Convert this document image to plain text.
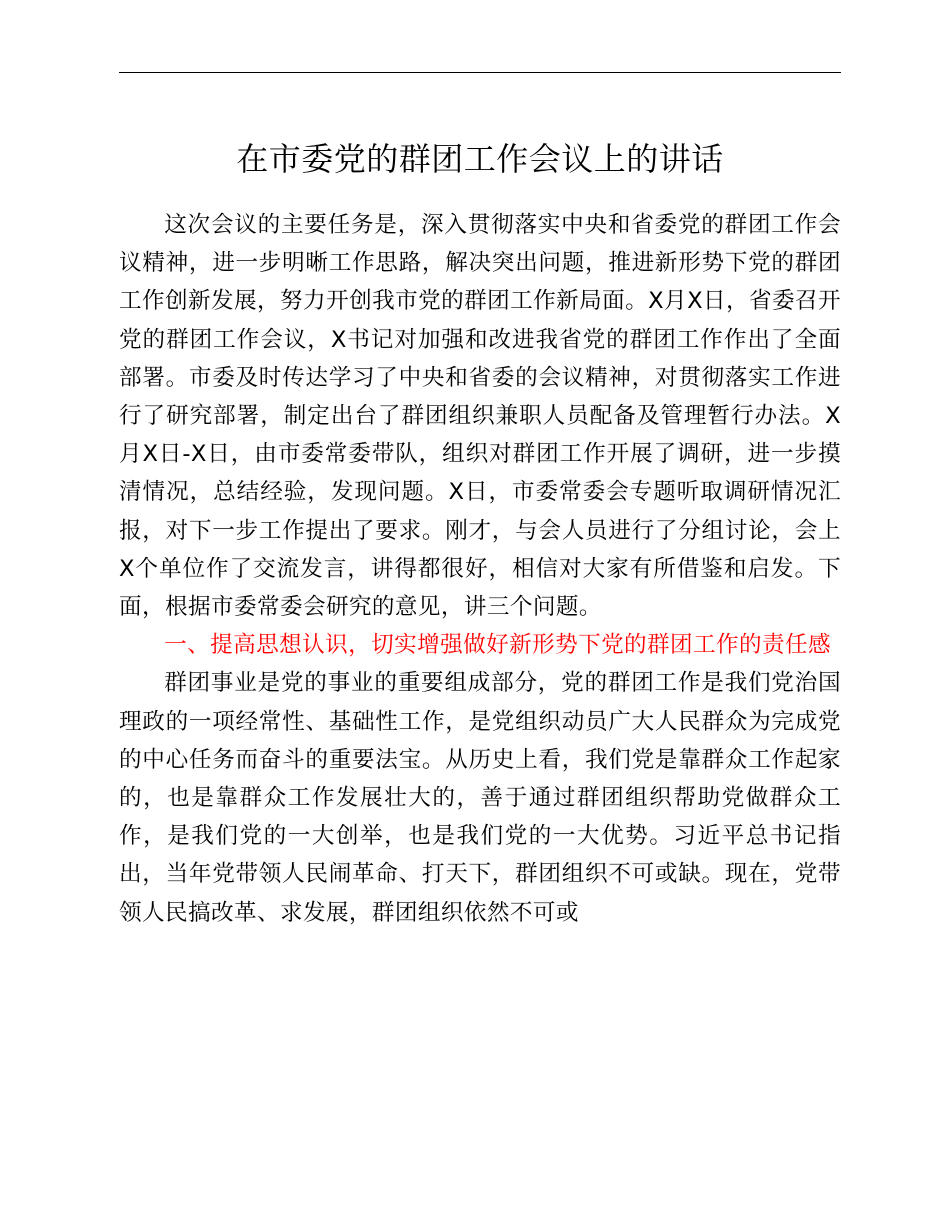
在市委党的群团工作会议上的讲话

这次会议的主要任务是，深入贯彻落实中央和省委党的群团工作会议精神，进一步明晰工作思路，解决突出问题，推进新形势下党的群团工作创新发展，努力开创我市党的群团工作新局面。X月X日，省委召开党的群团工作会议，X书记对加强和改进我省党的群团工作作出了全面部署。市委及时传达学习了中央和省委的会议精神，对贯彻落实工作进行了研究部署，制定出台了群团组织兼职人员配备及管理暂行办法。X月X日-X日，由市委常委带队，组织对群团工作开展了调研，进一步摸清情况，总结经验，发现问题。X日，市委常委会专题听取调研情况汇报，对下一步工作提出了要求。刚才，与会人员进行了分组讨论，会上X个单位作了交流发言，讲得都很好，相信对大家有所借鉴和启发。下面，根据市委常委会研究的意见，讲三个问题。

一、提高思想认识，切实增强做好新形势下党的群团工作的责任感

群团事业是党的事业的重要组成部分，党的群团工作是我们党治国理政的一项经常性、基础性工作，是党组织动员广大人民群众为完成党的中心任务而奋斗的重要法宝。从历史上看，我们党是靠群众工作起家的，也是靠群众工作发展壮大的，善于通过群团组织帮助党做群众工作，是我们党的一大创举，也是我们党的一大优势。习近平总书记指出，当年党带领人民闹革命、打天下，群团组织不可或缺。现在，党带领人民搞改革、求发展，群团组织依然不可或
